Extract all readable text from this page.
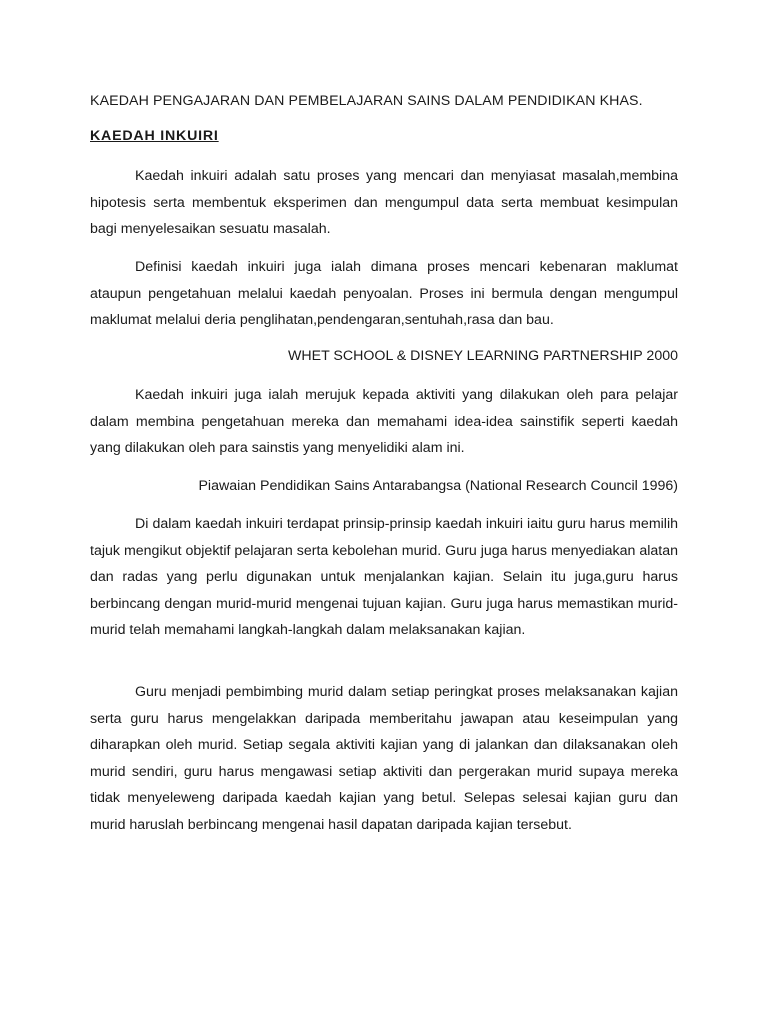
KAEDAH PENGAJARAN DAN PEMBELAJARAN SAINS DALAM PENDIDIKAN KHAS.
KAEDAH INKUIRI

Kaedah inkuiri adalah satu proses yang mencari dan menyiasat masalah,membina hipotesis serta membentuk eksperimen dan mengumpul data serta membuat kesimpulan bagi menyelesaikan sesuatu masalah.

Definisi kaedah inkuiri juga ialah dimana proses mencari kebenaran maklumat ataupun pengetahuan melalui kaedah penyoalan. Proses ini bermula dengan mengumpul maklumat melalui deria penglihatan,pendengaran,sentuhah,rasa dan bau.

WHET SCHOOL & DISNEY LEARNING PARTNERSHIP 2000

Kaedah inkuiri juga ialah merujuk kepada aktiviti yang dilakukan oleh para pelajar dalam membina pengetahuan mereka dan memahami idea-idea sainstifik seperti kaedah yang dilakukan oleh para sainstis yang menyelidiki alam ini.

Piawaian Pendidikan Sains Antarabangsa (National Research Council 1996)

Di dalam kaedah inkuiri terdapat prinsip-prinsip kaedah inkuiri iaitu guru harus memilih tajuk mengikut objektif pelajaran serta kebolehan murid. Guru juga harus menyediakan alatan dan radas yang perlu digunakan untuk menjalankan kajian. Selain itu juga,guru harus berbincang dengan murid-murid mengenai tujuan kajian. Guru juga harus memastikan murid-murid telah memahami langkah-langkah dalam melaksanakan kajian.

Guru menjadi pembimbing murid dalam setiap peringkat proses melaksanakan kajian serta guru harus mengelakkan daripada memberitahu jawapan atau keseimpulan yang diharapkan oleh murid. Setiap segala aktiviti kajian yang di jalankan dan dilaksanakan oleh murid sendiri, guru harus mengawasi setiap aktiviti dan pergerakan murid supaya mereka tidak menyeleweng daripada kaedah kajian yang betul. Selepas selesai kajian guru dan murid haruslah berbincang mengenai hasil dapatan daripada kajian tersebut.
